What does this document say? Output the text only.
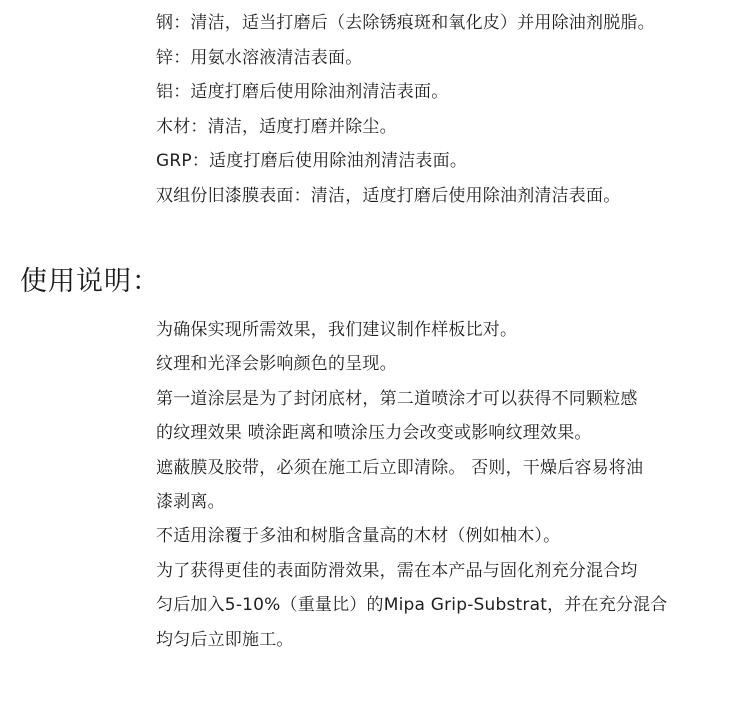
钢：清洁，适当打磨后（去除锈痕斑和氧化皮）并用除油剂脱脂。
锌：用氨水溶液清洁表面。
铝：适度打磨后使用除油剂清洁表面。
木材：清洁，适度打磨并除尘。
GRP：适度打磨后使用除油剂清洁表面。
双组份旧漆膜表面：清洁，适度打磨后使用除油剂清洁表面。
使用说明：
为确保实现所需效果，我们建议制作样板比对。
纹理和光泽会影响颜色的呈现。
第一道涂层是为了封闭底材，第二道喷涂才可以获得不同颗粒感
的纹理效果 喷涂距离和喷涂压力会改变或影响纹理效果。
遮蔽膜及胶带，必须在施工后立即清除。 否则，干燥后容易将油
漆剥离。
不适用涂覆于多油和树脂含量高的木材（例如柚木）。
为了获得更佳的表面防滑效果，需在本产品与固化剂充分混合均
匀后加入5-10%（重量比）的Mipa Grip-Substrat，并在充分混合
均匀后立即施工。
